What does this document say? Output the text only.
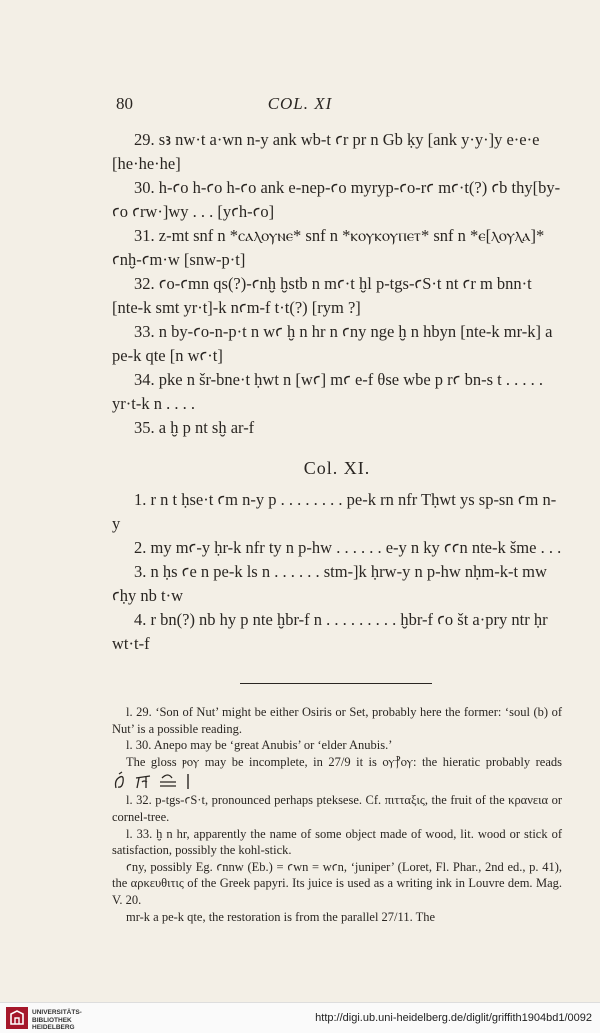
80	COL. XI
29. sꜣ nw·t a·wn n-y ank wb-t ꜥr pr n Gb ḳy [ank y·y·]y e·e·e [he·he·he]
30. h-ꜥo h-ꜥo h-ꜥo ank e-nep-ꜥo myryp-ꜥo-rꜥ mꜥ·t(?) ꜥb thy[by-ꜥo ꜥrw·]wy . . . [yꜥh-ꜥo]
31. z-mt snf n *ⲥⲁⲗⲟⲩⲛⲉ* snf n *ⲕⲟⲩⲕⲟⲩⲡⲉⲧ* snf n *ⲉ[ⲗⲟⲩⲗⲁ]* ꜥnḫ-ꜥm·w [snw-p·t]
32. ꜥo-ꜥmn qs(?)-ꜥnḫ ḫstb n mꜥ·t ḫl p-tgs-ꜥS·t nt ꜥr m bnn·t [nte-k smt yr·t]-k nꜥm-f t·t(?) [rym ?]
33. n by-ꜥo-n-p·t n wꜥ ḫ n hr n ꜥny nge ḫ n hbyn [nte-k mr-k] a pe-k qte [n wꜥ·t]
34. pke n šr-bne·t ḥwt n [wꜥ] mꜥ e-f θse wbe p rꜥ bn-s t . . . . . yr·t-k n . . . .
35. a ḫ p nt sḫ ar-f
Col. XI.
1. r n t ḥse·t ꜥm n-y p . . . . . . . . pe-k rn nfr Tḥwt ys sp-sn ꜥm n-y
2. my mꜥ-y ḥr-k nfr ty n p-hw . . . . . . e-y n ky ꜥꜥn nte-k šme . . .
3. n ḥs ꜥe n pe-k ls n . . . . . . stm-]k ḥrw-y n p-hw nḥm-k-t mw ꜥḥy nb t·w
4. r bn(?) nb hy p nte ḫbr-f n . . . . . . . . . ḫbr-f ꜥo št a·pry ntr ḥr wt·t-f
l. 29. ‘Son of Nut’ might be either Osiris or Set, probably here the former: ‘soul (b) of Nut’ is a possible reading.
l. 30. Anepo may be ‘great Anubis’ or ‘elder Anubis.’
The gloss ⲣⲟⲩ may be incomplete, in 27/9 it is ⲟⲩ⳨ⲟⲩ: the hieratic probably reads
l. 32. p-tgs-ꜥS·t, pronounced perhaps pteksese. Cf. πιτταξις, the fruit of the κρανεια or cornel-tree.
l. 33. ḫ n hr, apparently the name of some object made of wood, lit. wood or stick of satisfaction, possibly the kohl-stick.
ꜥny, possibly Eg. ꜥnnw (Eb.) = ꜥwn = wꜥn, ‘juniper’ (Loret, Fl. Phar., 2nd ed., p. 41), the αρκευθιτις of the Greek papyri. Its juice is used as a writing ink in Louvre dem. Mag. V. 20.
mr-k a pe-k qte, the restoration is from the parallel 27/11. The
UNIVERSITÄTS-
BIBLIOTHEK
HEIDELBERG
http://digi.ub.uni-heidelberg.de/diglit/griffith1904bd1/0092
